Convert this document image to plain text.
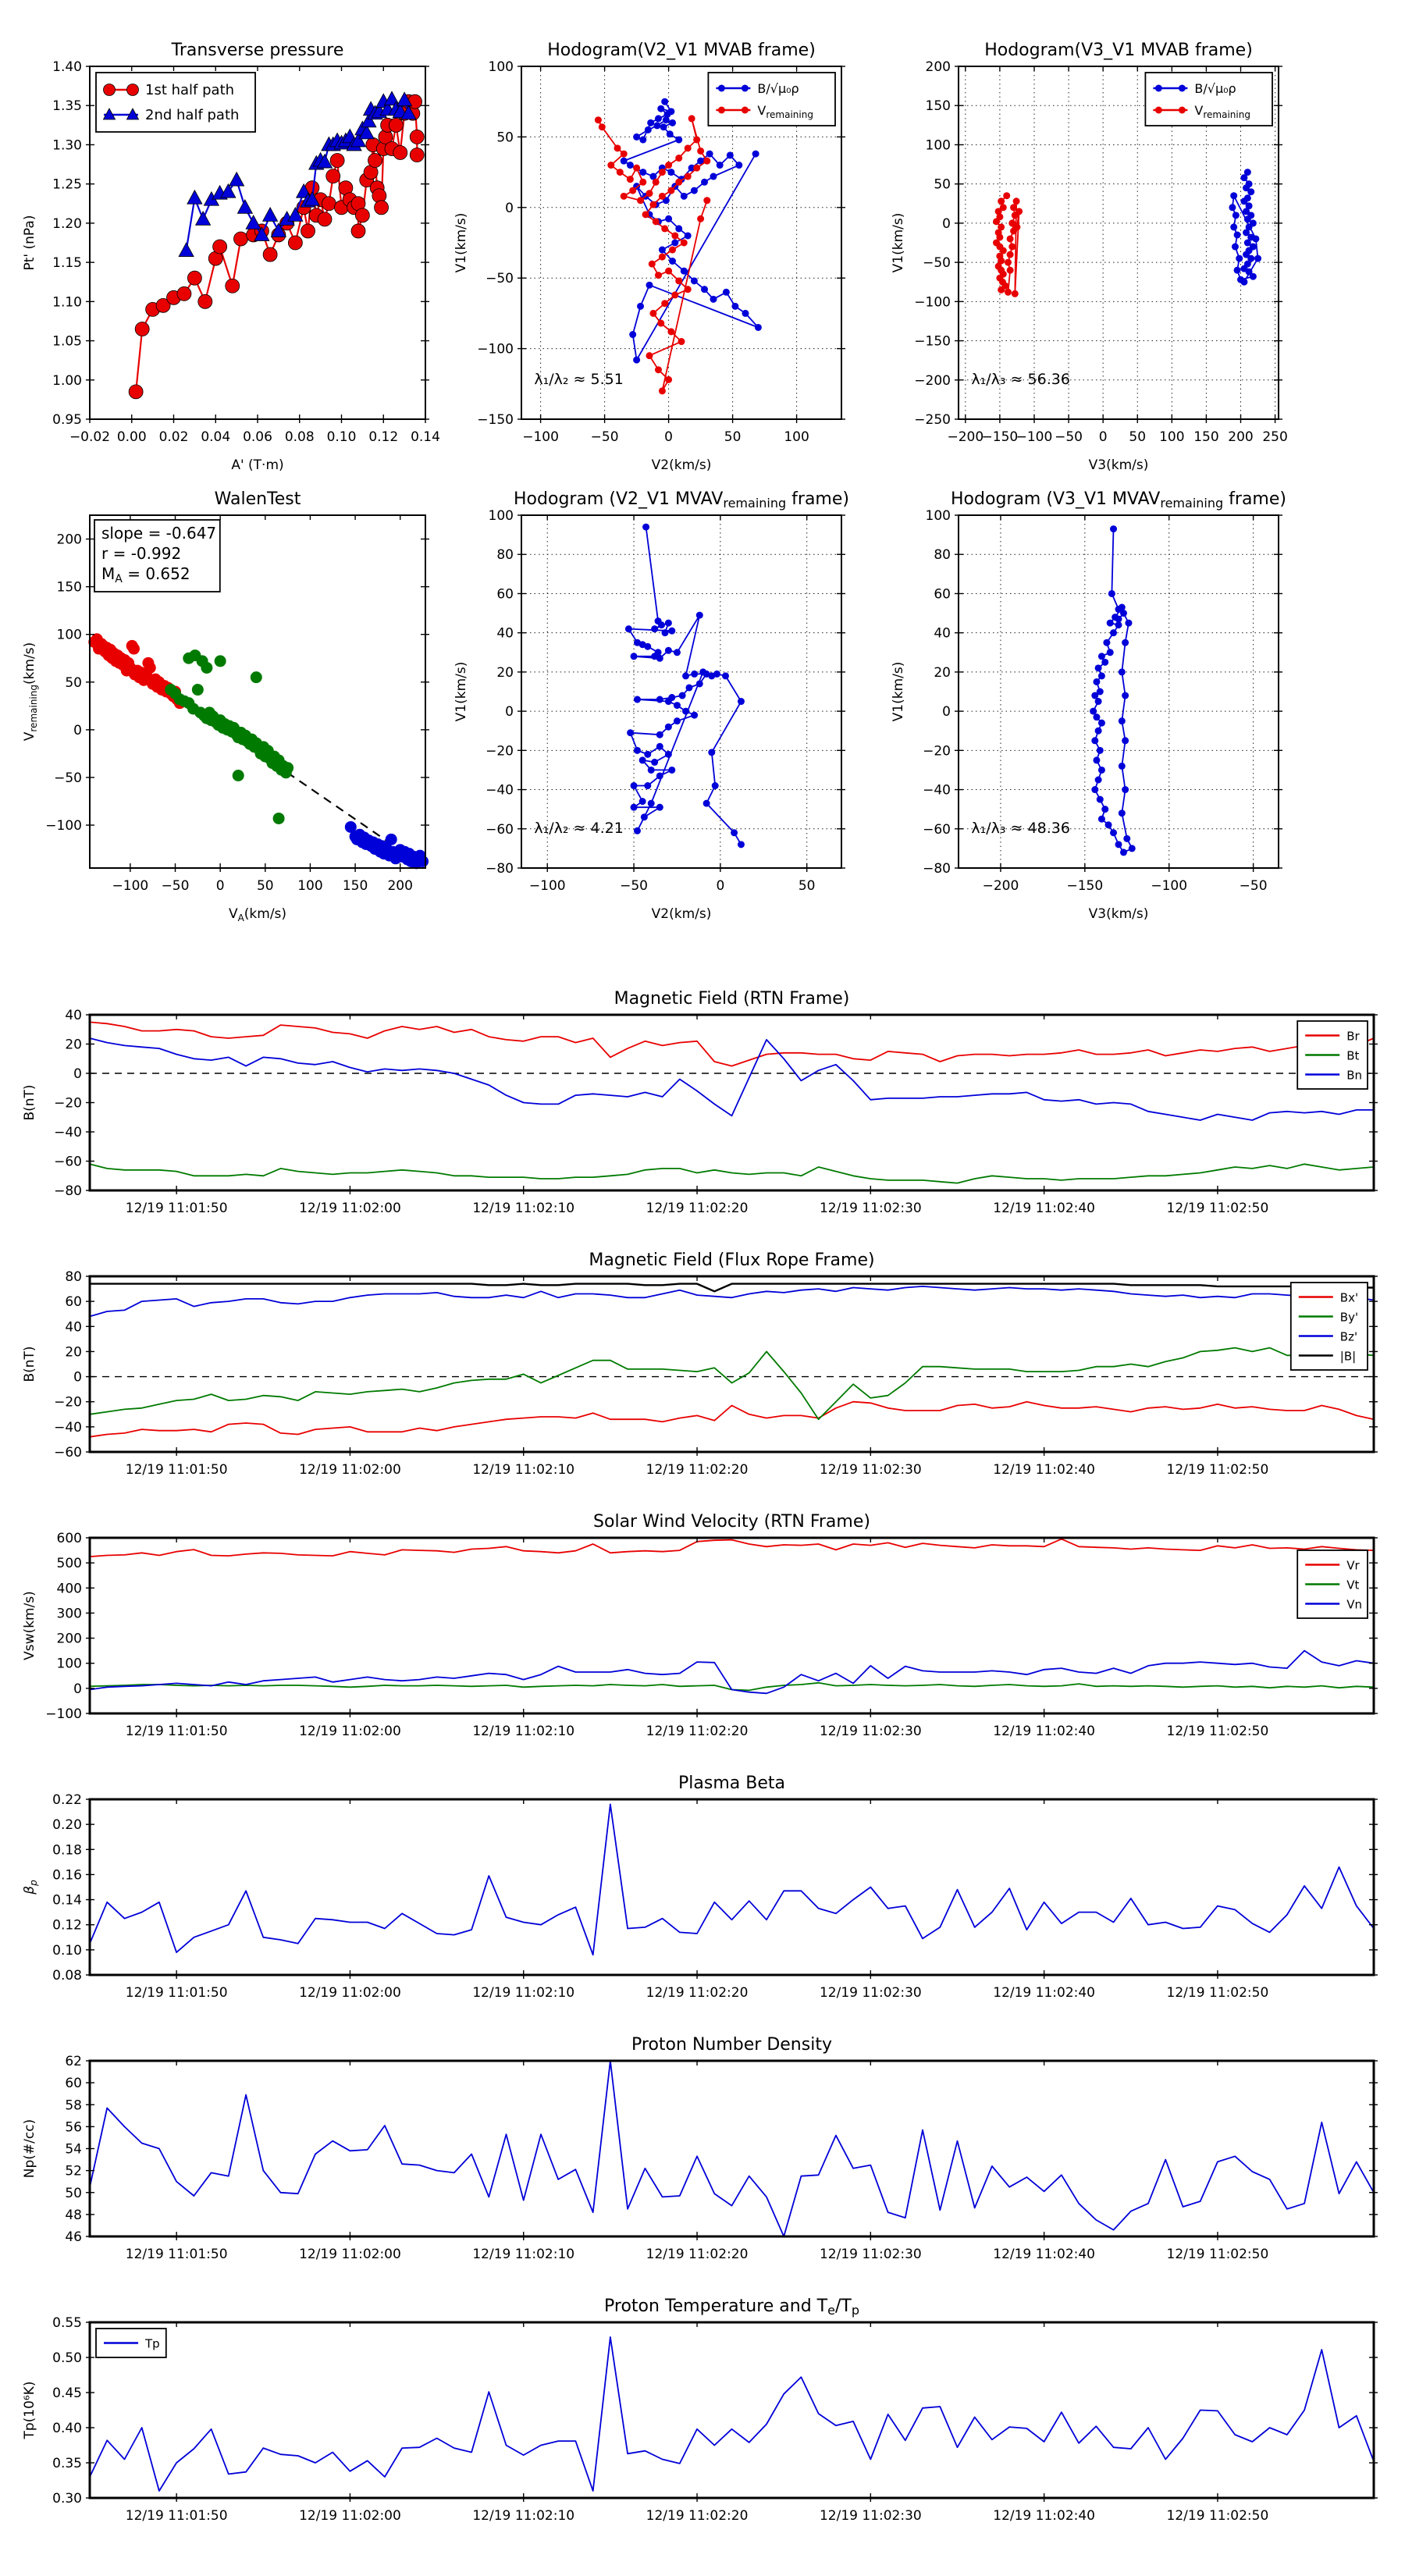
−0.02 0.00 0.02 0.04 0.06 0.08 0.10 0.12 0.14
0.95
1.00
1.05
1.10
1.15
1.20
1.25
1.30
1.35
1.40
Transverse pressure
A' (T·m)
Pt' (nPa)
1st half path
2nd half path
−100 −50	0	50	100
−150
−100
−50
0
50
100
Hodogram(V2_V1 MVAB frame)
V2(km/s)
V1(km/s)
B/√μ₀ρ
$V_{remaining}$
λ₁/λ₂ ≈ 5.51
−200
−150
−100 −50 0 50 100 150 200 250
−250
−200
−150
−100
−50
0
50
100
150
200
Hodogram(V3_V1 MVAB frame)
V3(km/s)
V1(km/s)
B/√μ₀ρ
$V_{remaining}$
λ₁/λ₃ ≈ 56.36
−100 −50 0 50 100 150 200
−100
−50
0
50
100
150
200
WalenTest
$V_A(km/s)$
$V_{remaining}(km/s)$
slope = -0.647
r = -0.992
$M_A = 0.652$
−100	−50	0	50
−80
−60
−40
−20
0
20
40
60
80
100
Hodogram (V2_V1 MVAVremaining frame)
V2(km/s)
V1(km/s)
λ₁/λ₂ ≈ 4.21
−200	−150	−100	−50
−80
−60
−40
−20
0
20
40
60
80
100
Hodogram (V3_V1 MVAVremaining frame)
V3(km/s)
V1(km/s)
λ₁/λ₃ ≈ 48.36
12/19 11:01:50	12/19 11:02:00	12/19 11:02:10	12/19 11:02:20	12/19 11:02:30	12/19 11:02:40	12/19 11:02:50
−80
−60
−40
−20
0
20
40
Magnetic Field (RTN Frame)
B(nT)
Br
Bt
Bn
12/19 11:01:50	12/19 11:02:00	12/19 11:02:10	12/19 11:02:20	12/19 11:02:30	12/19 11:02:40	12/19 11:02:50
−60
−40
−20
0
20
40
60
80
Magnetic Field (Flux Rope Frame)
B(nT)
Bx'
By'
Bz'
|B|
12/19 11:01:50	12/19 11:02:00	12/19 11:02:10	12/19 11:02:20	12/19 11:02:30	12/19 11:02:40	12/19 11:02:50
−100
0
100
200
300
400
500
600
Solar Wind Velocity (RTN Frame)
Vsw(km/s)
Vr
Vt
Vn
12/19 11:01:50	12/19 11:02:00	12/19 11:02:10	12/19 11:02:20	12/19 11:02:30	12/19 11:02:40	12/19 11:02:50
0.08
0.10
0.12
0.14
0.16
0.18
0.20
0.22
Plasma Beta
$\beta_p$
12/19 11:01:50	12/19 11:02:00	12/19 11:02:10	12/19 11:02:20	12/19 11:02:30	12/19 11:02:40	12/19 11:02:50
46
48
50
52
54
56
58
60
62
Proton Number Density
Np(#/cc)
12/19 11:01:50	12/19 11:02:00	12/19 11:02:10	12/19 11:02:20	12/19 11:02:30	12/19 11:02:40	12/19 11:02:50
0.30
0.35
0.40
0.45
0.50
0.55
Proton Temperature and Te/Tp
Tp(10⁶K)
Tp
